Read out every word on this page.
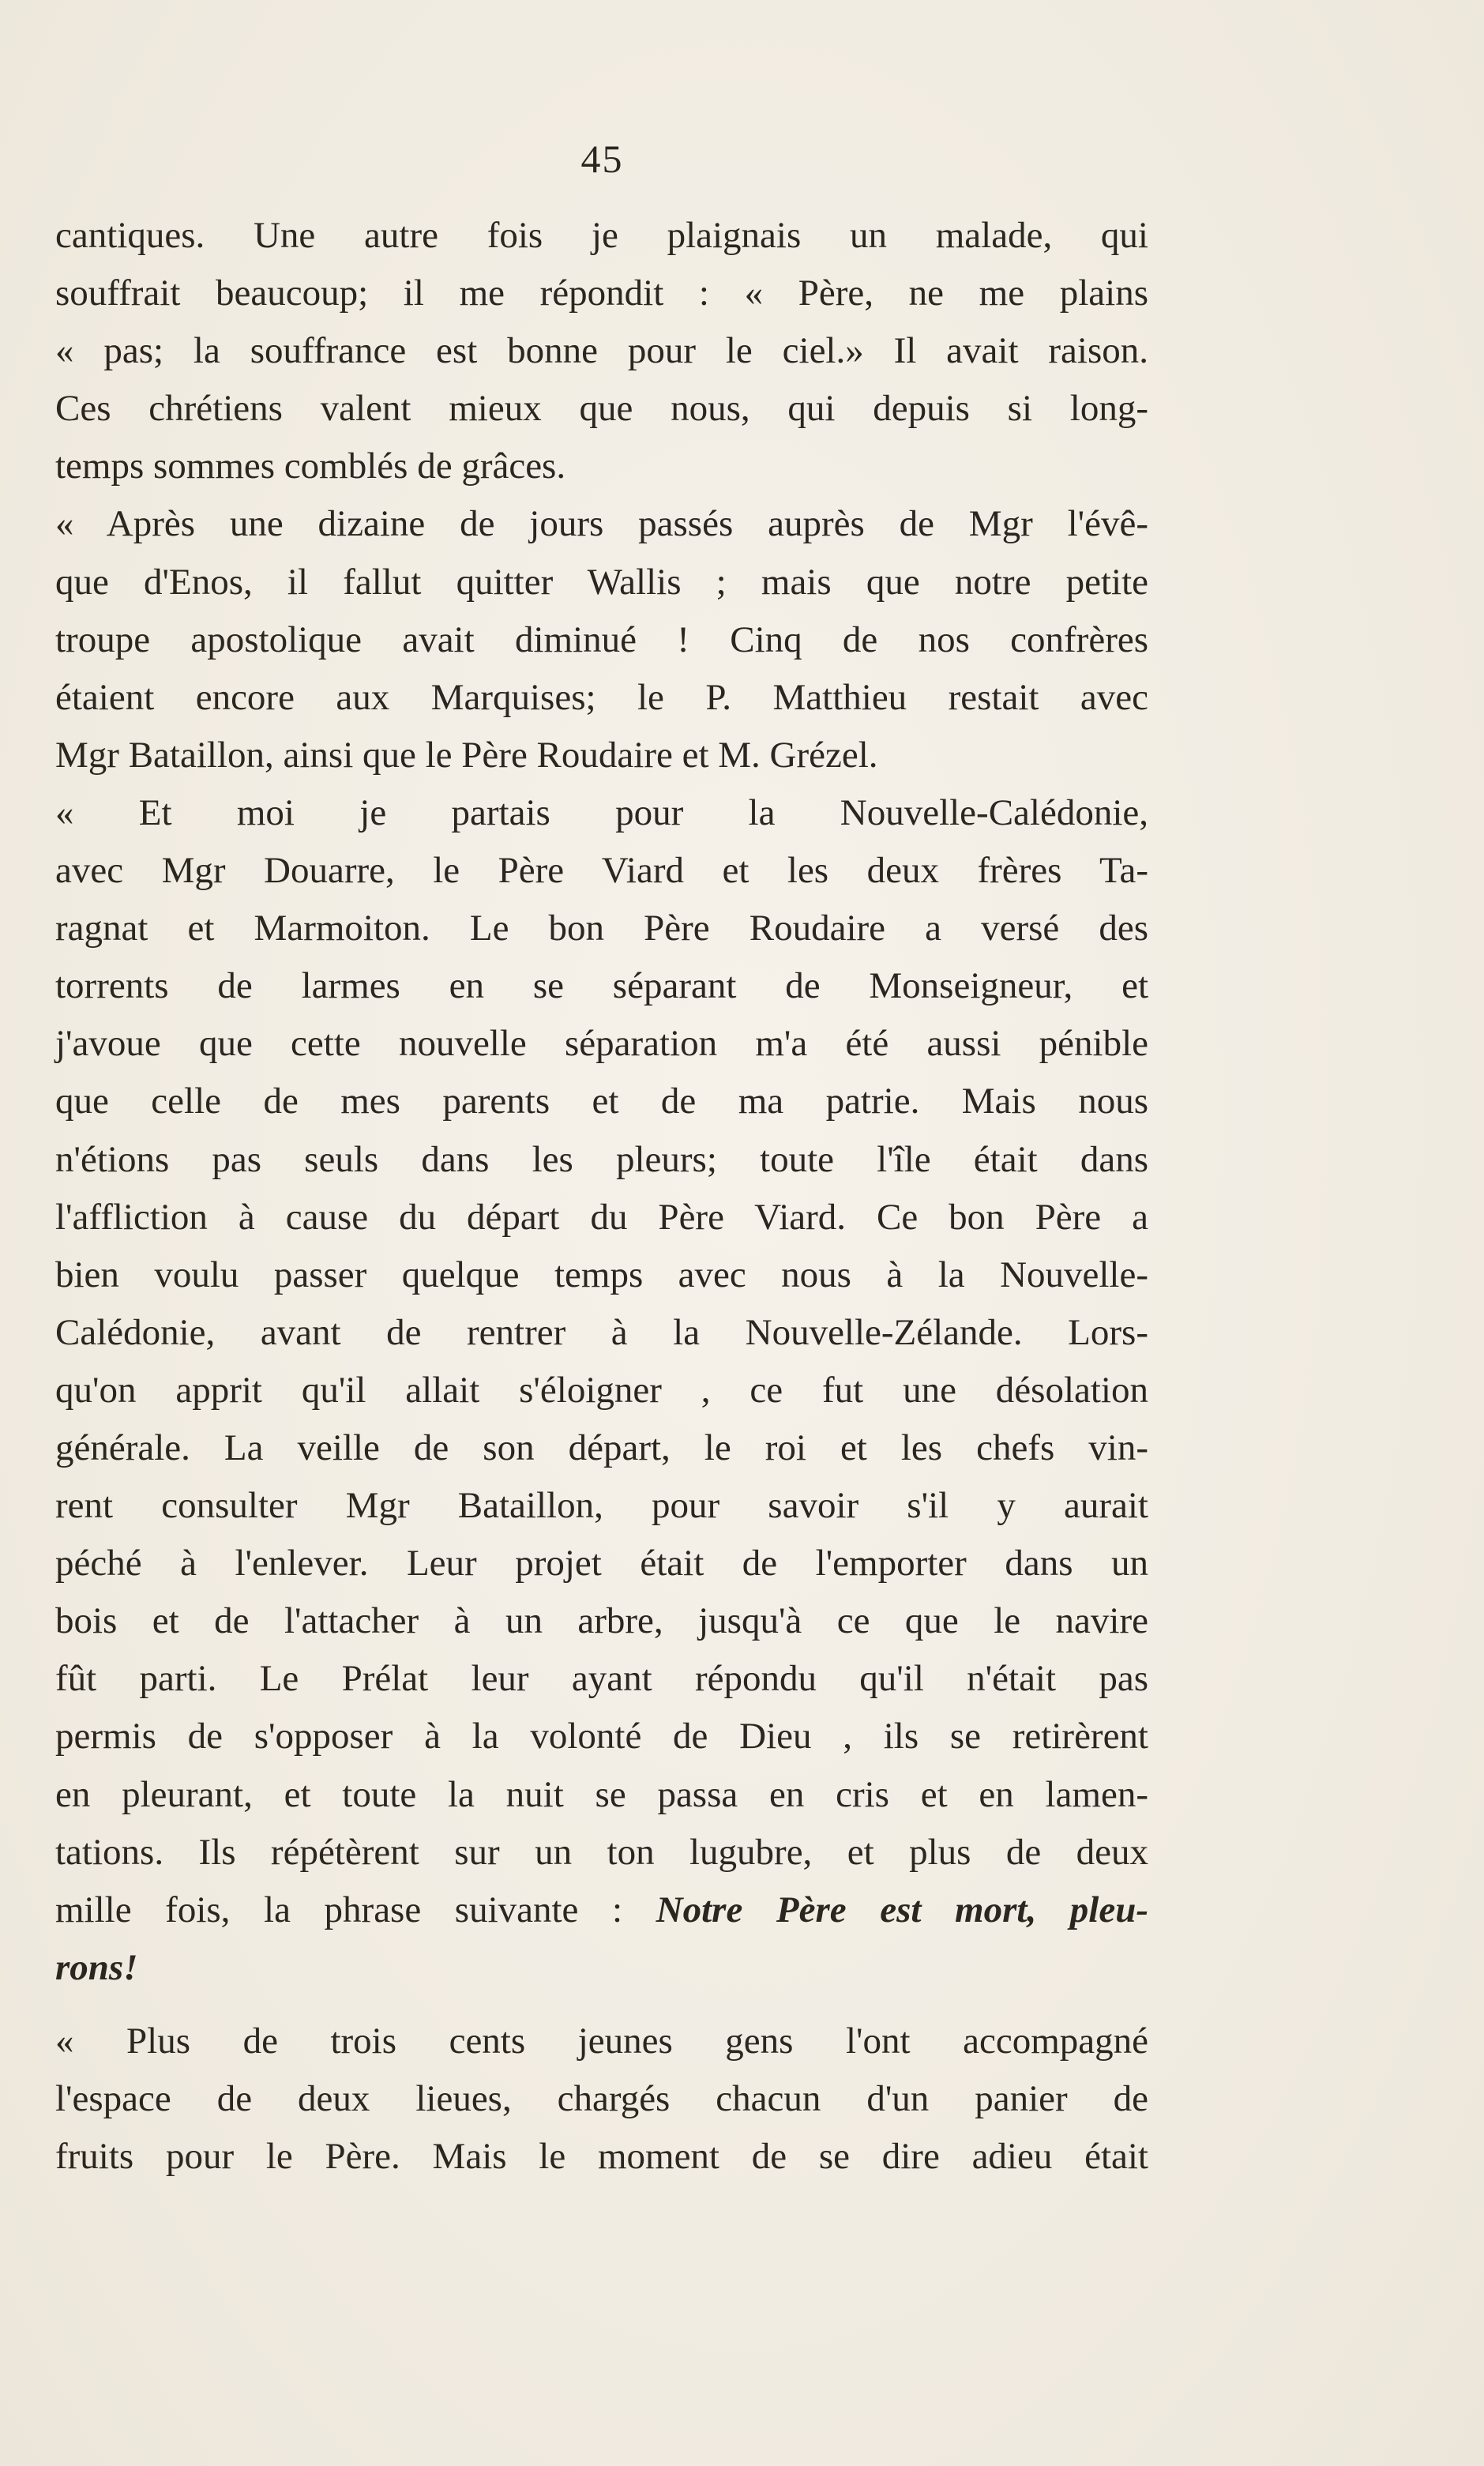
45
cantiques. Une autre fois je plaignais un malade, qui
souffrait beaucoup; il me répondit : « Père, ne me plains
« pas; la souffrance est bonne pour le ciel.» Il avait raison.
Ces chrétiens valent mieux que nous, qui depuis si long-
temps sommes comblés de grâces.
« Après une dizaine de jours passés auprès de Mgr l'évê-
que d'Enos, il fallut quitter Wallis ; mais que notre petite
troupe apostolique avait diminué ! Cinq de nos confrères
étaient encore aux Marquises; le P. Matthieu restait avec
Mgr Bataillon, ainsi que le Père Roudaire et M. Grézel.
« Et moi je partais pour la Nouvelle-Calédonie,
avec Mgr Douarre, le Père Viard et les deux frères Ta-
ragnat et Marmoiton. Le bon Père Roudaire a versé des
torrents de larmes en se séparant de Monseigneur, et
j'avoue que cette nouvelle séparation m'a été aussi pénible
que celle de mes parents et de ma patrie. Mais nous
n'étions pas seuls dans les pleurs; toute l'île était dans
l'affliction à cause du départ du Père Viard. Ce bon Père a
bien voulu passer quelque temps avec nous à la Nouvelle-
Calédonie, avant de rentrer à la Nouvelle-Zélande. Lors-
qu'on apprit qu'il allait s'éloigner , ce fut une désolation
générale. La veille de son départ, le roi et les chefs vin-
rent consulter Mgr Bataillon, pour savoir s'il y aurait
péché à l'enlever. Leur projet était de l'emporter dans un
bois et de l'attacher à un arbre, jusqu'à ce que le navire
fût parti. Le Prélat leur ayant répondu qu'il n'était pas
permis de s'opposer à la volonté de Dieu , ils se retirèrent
en pleurant, et toute la nuit se passa en cris et en lamen-
tations. Ils répétèrent sur un ton lugubre, et plus de deux
mille fois, la phrase suivante : Notre Père est mort, pleu-
rons!
« Plus de trois cents jeunes gens l'ont accompagné
l'espace de deux lieues, chargés chacun d'un panier de
fruits pour le Père. Mais le moment de se dire adieu était
